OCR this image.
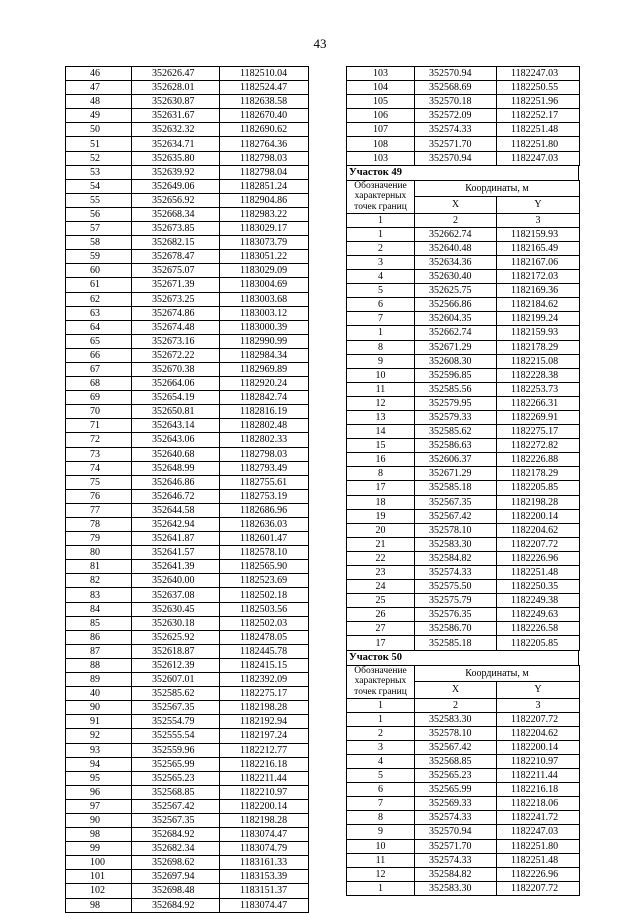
43
46	352626.47	1182510.04
47	352628.01	1182524.47
48	352630.87	1182638.58
49	352631.67	1182670.40
50	352632.32	1182690.62
51	352634.71	1182764.36
52	352635.80	1182798.03
53	352639.92	1182798.04
54	352649.06	1182851.24
55	352656.92	1182904.86
56	352668.34	1182983.22
57	352673.85	1183029.17
58	352682.15	1183073.79
59	352678.47	1183051.22
60	352675.07	1183029.09
61	352671.39	1183004.69
62	352673.25	1183003.68
63	352674.86	1183003.12
64	352674.48	1183000.39
65	352673.16	1182990.99
66	352672.22	1182984.34
67	352670.38	1182969.89
68	352664.06	1182920.24
69	352654.19	1182842.74
70	352650.81	1182816.19
71	352643.14	1182802.48
72	352643.06	1182802.33
73	352640.68	1182798.03
74	352648.99	1182793.49
75	352646.86	1182755.61
76	352646.72	1182753.19
77	352644.58	1182686.96
78	352642.94	1182636.03
79	352641.87	1182601.47
80	352641.57	1182578.10
81	352641.39	1182565.90
82	352640.00	1182523.69
83	352637.08	1182502.18
84	352630.45	1182503.56
85	352630.18	1182502.03
86	352625.92	1182478.05
87	352618.87	1182445.78
88	352612.39	1182415.15
89	352607.01	1182392.09
40	352585.62	1182275.17
90	352567.35	1182198.28
91	352554.79	1182192.94
92	352555.54	1182197.24
93	352559.96	1182212.77
94	352565.99	1182216.18
95	352565.23	1182211.44
96	352568.85	1182210.97
97	352567.42	1182200.14
90	352567.35	1182198.28
98	352684.92	1183074.47
99	352682.34	1183074.79
100	352698.62	1183161.33
101	352697.94	1183153.39
102	352698.48	1183151.37
98	352684.92	1183074.47
103	352570.94	1182247.03
104	352568.69	1182250.55
105	352570.18	1182251.96
106	352572.09	1182252.17
107	352574.33	1182251.48
108	352571.70	1182251.80
103	352570.94	1182247.03
Участок 49
Обозначение характерных точек границ	Координаты, м	
	X	Y
1	2	3
1	352662.74	1182159.93
2	352640.48	1182165.49
3	352634.36	1182167.06
4	352630.40	1182172.03
5	352625.75	1182169.36
6	352566.86	1182184.62
7	352604.35	1182199.24
1	352662.74	1182159.93
8	352671.29	1182178.29
9	352608.30	1182215.08
10	352596.85	1182228.38
11	352585.56	1182253.73
12	352579.95	1182266.31
13	352579.33	1182269.91
14	352585.62	1182275.17
15	352586.63	1182272.82
16	352606.37	1182226.88
8	352671.29	1182178.29
17	352585.18	1182205.85
18	352567.35	1182198.28
19	352567.42	1182200.14
20	352578.10	1182204.62
21	352583.30	1182207.72
22	352584.82	1182226.96
23	352574.33	1182251.48
24	352575.50	1182250.35
25	352575.79	1182249.38
26	352576.35	1182249.63
27	352586.70	1182226.58
17	352585.18	1182205.85
Участок 50
Обозначение характерных точек границ	Координаты, м	
	X	Y
1	2	3
1	352583.30	1182207.72
2	352578.10	1182204.62
3	352567.42	1182200.14
4	352568.85	1182210.97
5	352565.23	1182211.44
6	352565.99	1182216.18
7	352569.33	1182218.06
8	352574.33	1182241.72
9	352570.94	1182247.03
10	352571.70	1182251.80
11	352574.33	1182251.48
12	352584.82	1182226.96
1	352583.30	1182207.72
